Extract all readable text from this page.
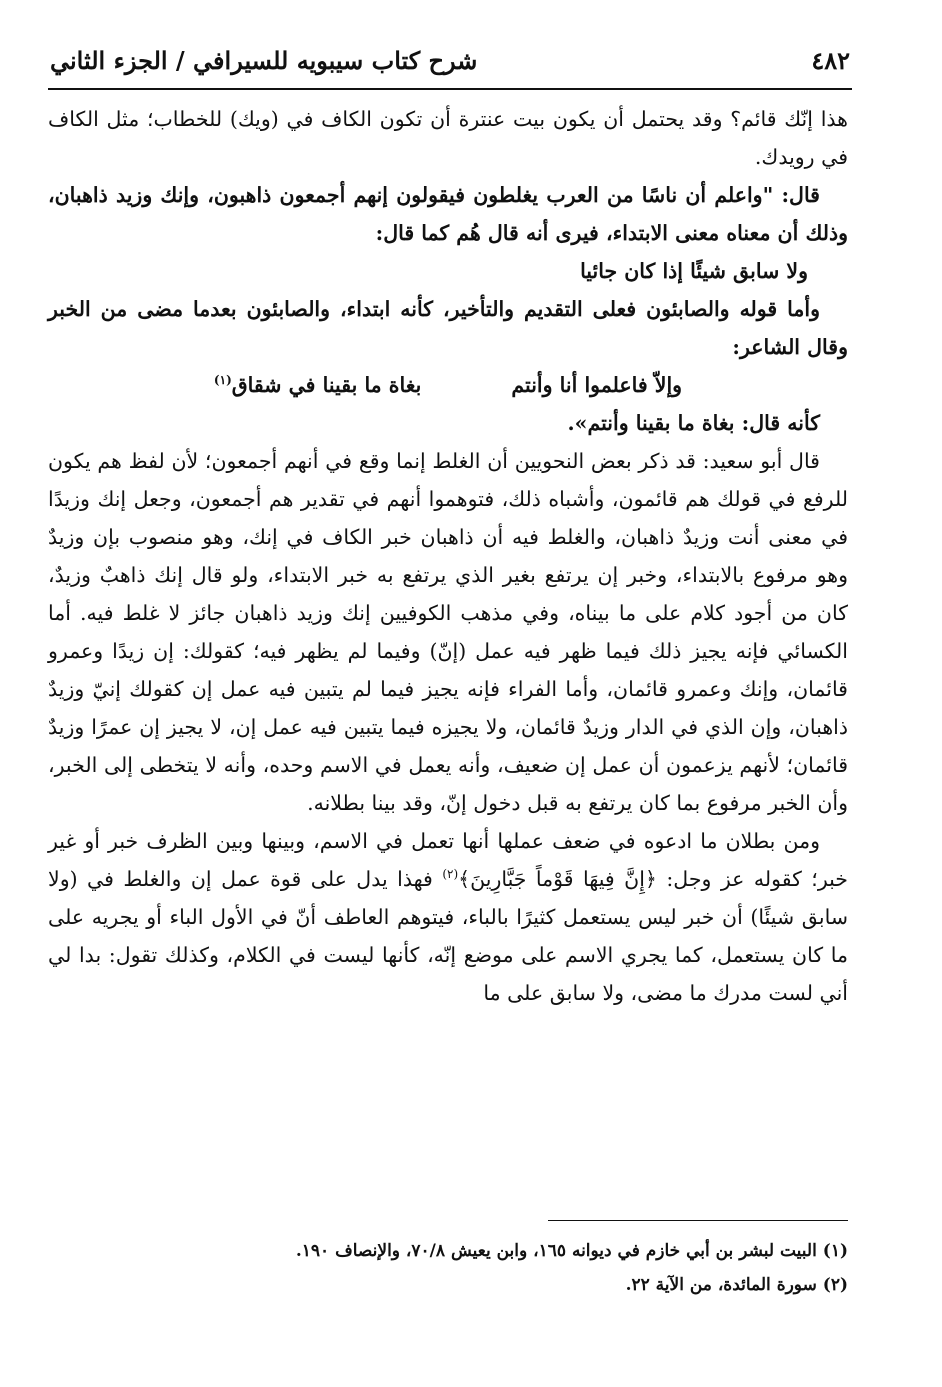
٤٨٢
شرح كتاب سيبويه للسيرافي / الجزء الثاني

هذا إنّك قائم؟ وقد يحتمل أن يكون بيت عنترة أن تكون الكاف في (ويك) للخطاب؛ مثل الكاف في رويدك.

قال: "واعلم أن ناسًا من العرب يغلطون فيقولون إنهم أجمعون ذاهبون، وإنك وزيد ذاهبان، وذلك أن معناه معنى الابتداء، فيرى أنه قال هُم كما قال:

ولا سابق شيئًا إذا كان جائيا

وأما قوله والصابئون فعلى التقديم والتأخير، كأنه ابتداء، والصابئون بعدما مضى من الخبر وقال الشاعر:

وإلاّ فاعلموا أنا وأنتم
بغاة ما بقينا في شقاق$^{(١)}$

كأنه قال: بغاة ما بقينا وأنتم».

قال أبو سعيد: قد ذكر بعض النحويين أن الغلط إنما وقع في أنهم أجمعون؛ لأن لفظ هم يكون للرفع في قولك هم قائمون، وأشباه ذلك، فتوهموا أنهم في تقدير هم أجمعون، وجعل إنك وزيدًا في معنى أنت وزيدٌ ذاهبان، والغلط فيه أن ذاهبان خبر الكاف في إنك، وهو منصوب بإن وزيدٌ وهو مرفوع بالابتداء، وخبر إن يرتفع بغير الذي يرتفع به خبر الابتداء، ولو قال إنك ذاهبٌ وزيدٌ، كان من أجود كلام على ما بيناه، وفي مذهب الكوفيين إنك وزيد ذاهبان جائز لا غلط فيه. أما الكسائي فإنه يجيز ذلك فيما ظهر فيه عمل (إنّ) وفيما لم يظهر فيه؛ كقولك: إن زيدًا وعمرو قائمان، وإنك وعمرو قائمان، وأما الفراء فإنه يجيز فيما لم يتبين فيه عمل إن كقولك إنيّ وزيدٌ ذاهبان، وإن الذي في الدار وزيدٌ قائمان، ولا يجيزه فيما يتبين فيه عمل إن، لا يجيز إن عمرًا وزيدٌ قائمان؛ لأنهم يزعمون أن عمل إن ضعيف، وأنه يعمل في الاسم وحده، وأنه لا يتخطى إلى الخبر، وأن الخبر مرفوع بما كان يرتفع به قبل دخول إنّ، وقد بينا بطلانه.

ومن بطلان ما ادعوه في ضعف عملها أنها تعمل في الاسم، وبينها وبين الظرف خبر أو غير خبر؛ كقوله عز وجل: ﴿إِنَّ فِيهَا قَوْماً جَبَّارِينَ﴾$^{(٢)}$ فهذا يدل على قوة عمل إن والغلط في (ولا سابق شيئًا) أن خبر ليس يستعمل كثيرًا بالباء، فيتوهم العاطف أنّ في الأول الباء أو يجريه على ما كان يستعمل، كما يجري الاسم على موضع إنّه، كأنها ليست في الكلام، وكذلك تقول: بدا لي أني لست مدرك ما مضى، ولا سابق على ما

(١) البيت لبشر بن أبي خازم في ديوانه ١٦٥، وابن يعيش ٧٠/٨، والإنصاف ١٩٠.

(٢) سورة المائدة، من الآية ٢٢.
